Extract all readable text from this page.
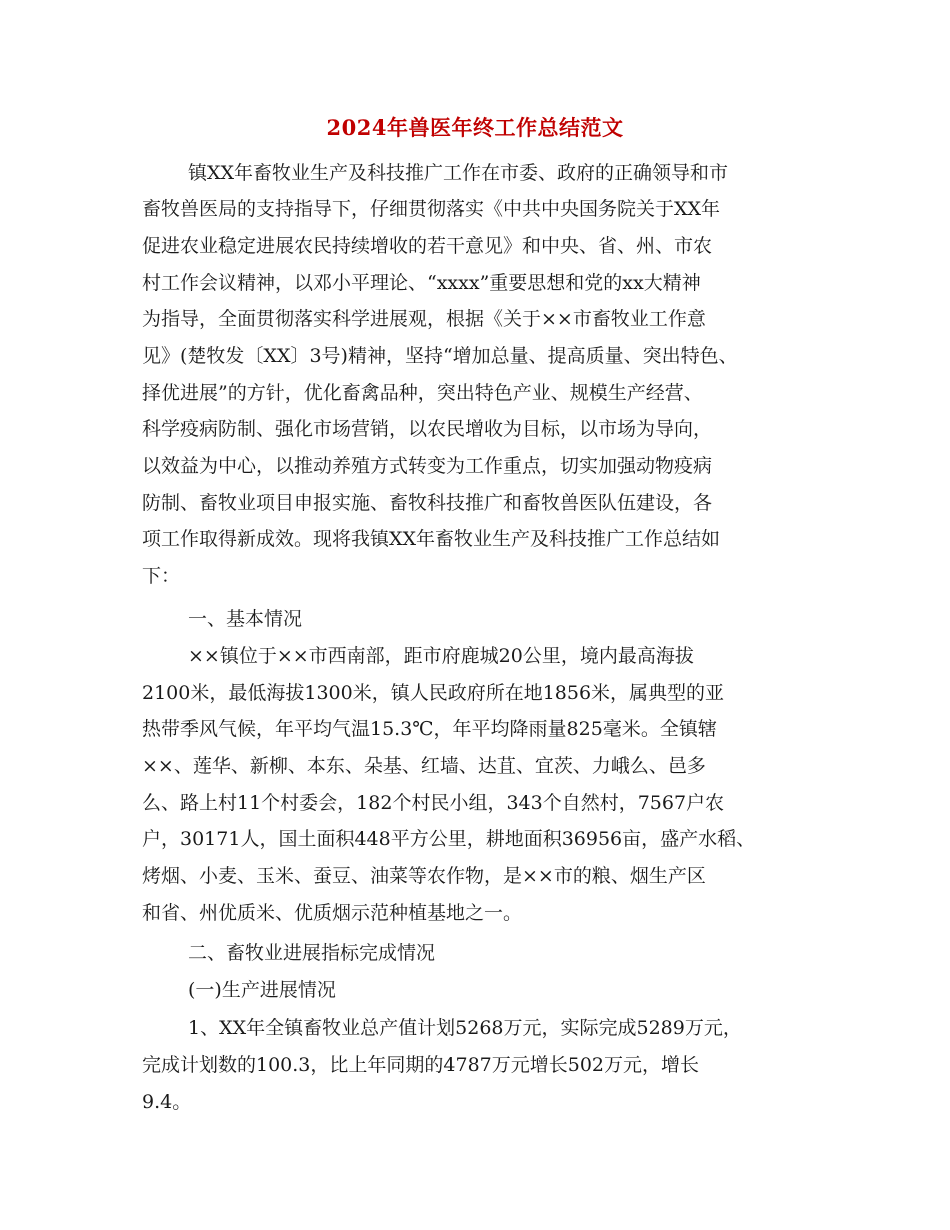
2024年兽医年终工作总结范文
镇XX年畜牧业生产及科技推广工作在市委、政府的正确领导和市
畜牧兽医局的支持指导下，仔细贯彻落实《中共中央国务院关于XX年
促进农业稳定进展农民持续增收的若干意见》和中央、省、州、市农
村工作会议精神，以邓小平理论、“xxxx”重要思想和党的xx大精神
为指导，全面贯彻落实科学进展观，根据《关于××市畜牧业工作意
见》(楚牧发〔XX〕3号)精神，坚持“增加总量、提高质量、突出特色、
择优进展”的方针，优化畜禽品种，突出特色产业、规模生产经营、
科学疫病防制、强化市场营销，以农民增收为目标，以市场为导向，
以效益为中心，以推动养殖方式转变为工作重点，切实加强动物疫病
防制、畜牧业项目申报实施、畜牧科技推广和畜牧兽医队伍建设，各
项工作取得新成效。现将我镇XX年畜牧业生产及科技推广工作总结如
下：
一、基本情况
××镇位于××市西南部，距市府鹿城20公里，境内最高海拔
2100米，最低海拔1300米，镇人民政府所在地1856米，属典型的亚
热带季风气候，年平均气温15.3℃，年平均降雨量825毫米。全镇辖
××、莲华、新柳、本东、朵基、红墙、达苴、宜茨、力峨么、邑多
么、路上村11个村委会，182个村民小组，343个自然村，7567户农
户，30171人，国土面积448平方公里，耕地面积36956亩，盛产水稻、
烤烟、小麦、玉米、蚕豆、油菜等农作物，是××市的粮、烟生产区
和省、州优质米、优质烟示范种植基地之一。
二、畜牧业进展指标完成情况
(一)生产进展情况
1、XX年全镇畜牧业总产值计划5268万元，实际完成5289万元，
完成计划数的100.3，比上年同期的4787万元增长502万元，增长
9.4。
